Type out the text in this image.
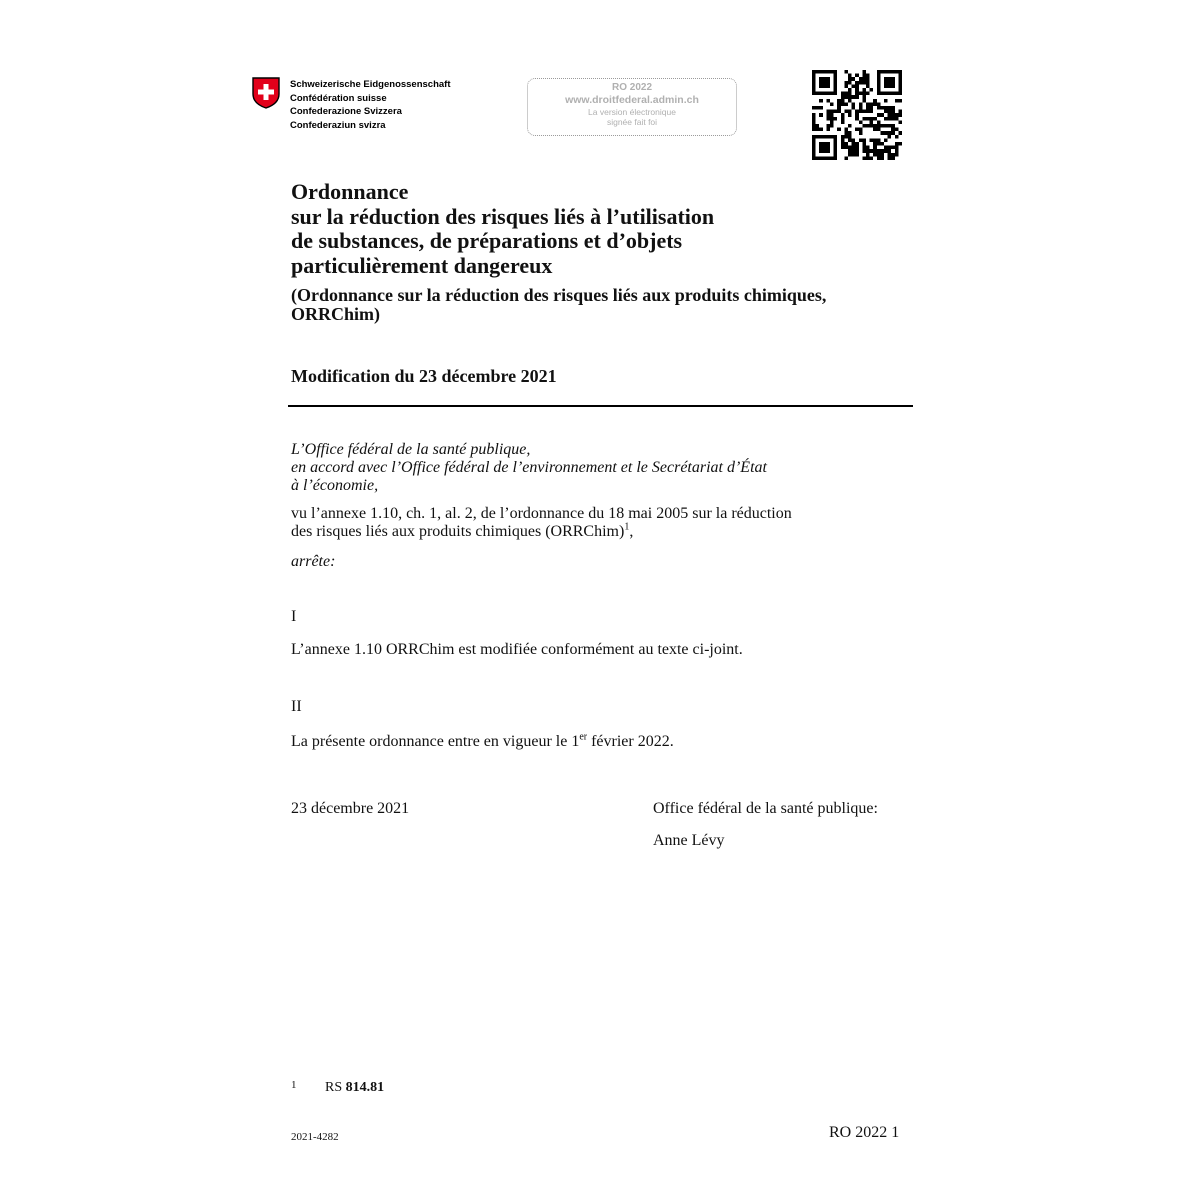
Schweizerische Eidgenossenschaft
Confédération suisse
Confederazione Svizzera
Confederaziun svizra
RO 2022
www.droitfederal.admin.ch
La version électronique
signée fait foi
Ordonnance
sur la réduction des risques liés à l’utilisation
de substances, de préparations et d’objets
particulièrement dangereux
(Ordonnance sur la réduction des risques liés aux produits chimiques,
ORRChim)
Modification du 23 décembre 2021
L’Office fédéral de la santé publique,
en accord avec l’Office fédéral de l’environnement et le Secrétariat d’État
à l’économie,
vu l’annexe 1.10, ch. 1, al. 2, de l’ordonnance du 18 mai 2005 sur la réduction
des risques liés aux produits chimiques (ORRChim)$^1$,
arrête:
I
L’annexe 1.10 ORRChim est modifiée conformément au texte ci-joint.
II
La présente ordonnance entre en vigueur le 1er février 2022.
23 décembre 2021	Office fédéral de la santé publique:
Anne Lévy
1 RS 814.81
2021-4282	RO 2022 1
